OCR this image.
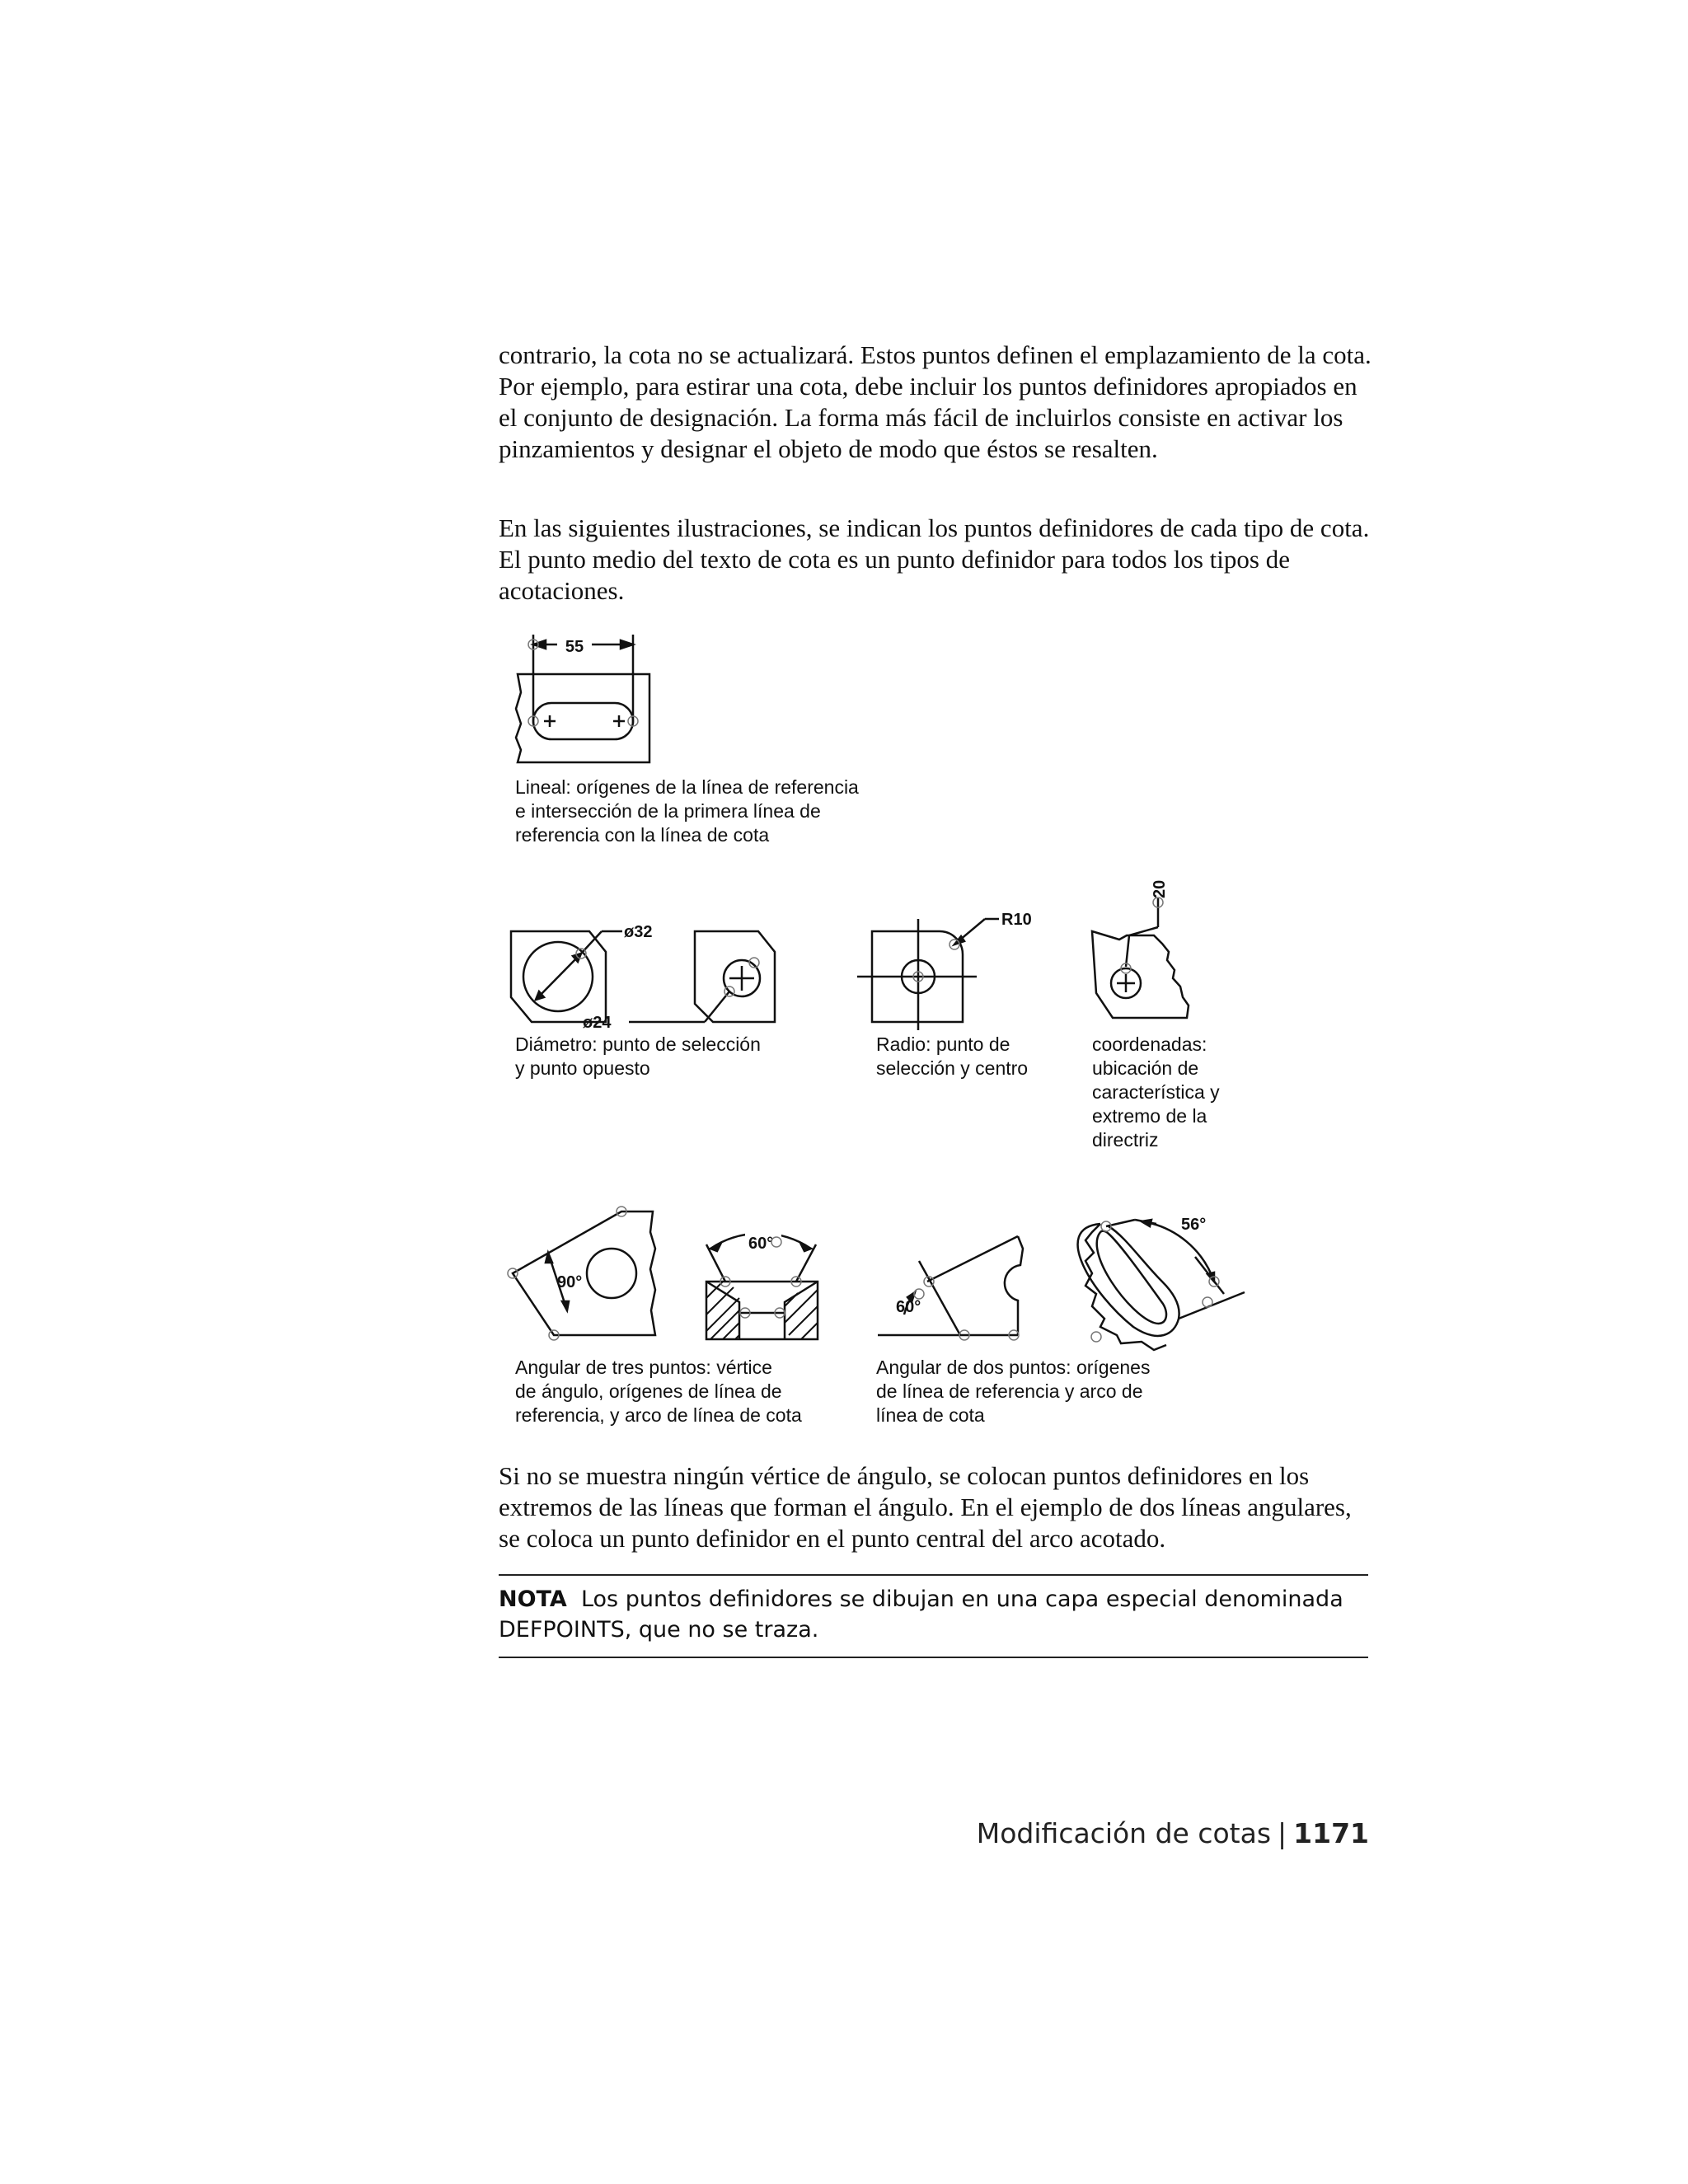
contrario, la cota no se actualizará. Estos puntos definen el emplazamiento de la cota. Por ejemplo, para estirar una cota, debe incluir los puntos definidores apropiados en el conjunto de designación. La forma más fácil de incluirlos consiste en activar los pinzamientos y designar el objeto de modo que éstos se resalten.

En las siguientes ilustraciones, se indican los puntos definidores de cada tipo de cota. El punto medio del texto de cota es un punto definidor para todos los tipos de acotaciones.

55

Lineal: orígenes de la línea de referencia
e intersección de la primera línea de
referencia con la línea de cota

ø32
ø24

Diámetro: punto de selección
y punto opuesto

R10

Radio: punto de
selección y centro

20

coordenadas:
ubicación de
característica y
extremo de la
directriz

90°
60°

Angular de tres puntos: vértice
de ángulo, orígenes de línea de
referencia, y arco de línea de cota

60°
56°

Angular de dos puntos: orígenes
de línea de referencia y arco de
línea de cota

Si no se muestra ningún vértice de ángulo, se colocan puntos definidores en los extremos de las líneas que forman el ángulo. En el ejemplo de dos líneas angulares, se coloca un punto definidor en el punto central del arco acotado.

NOTA Los puntos definidores se dibujan en una capa especial denominada DEFPOINTS, que no se traza.
Modificación de cotas | 1171
